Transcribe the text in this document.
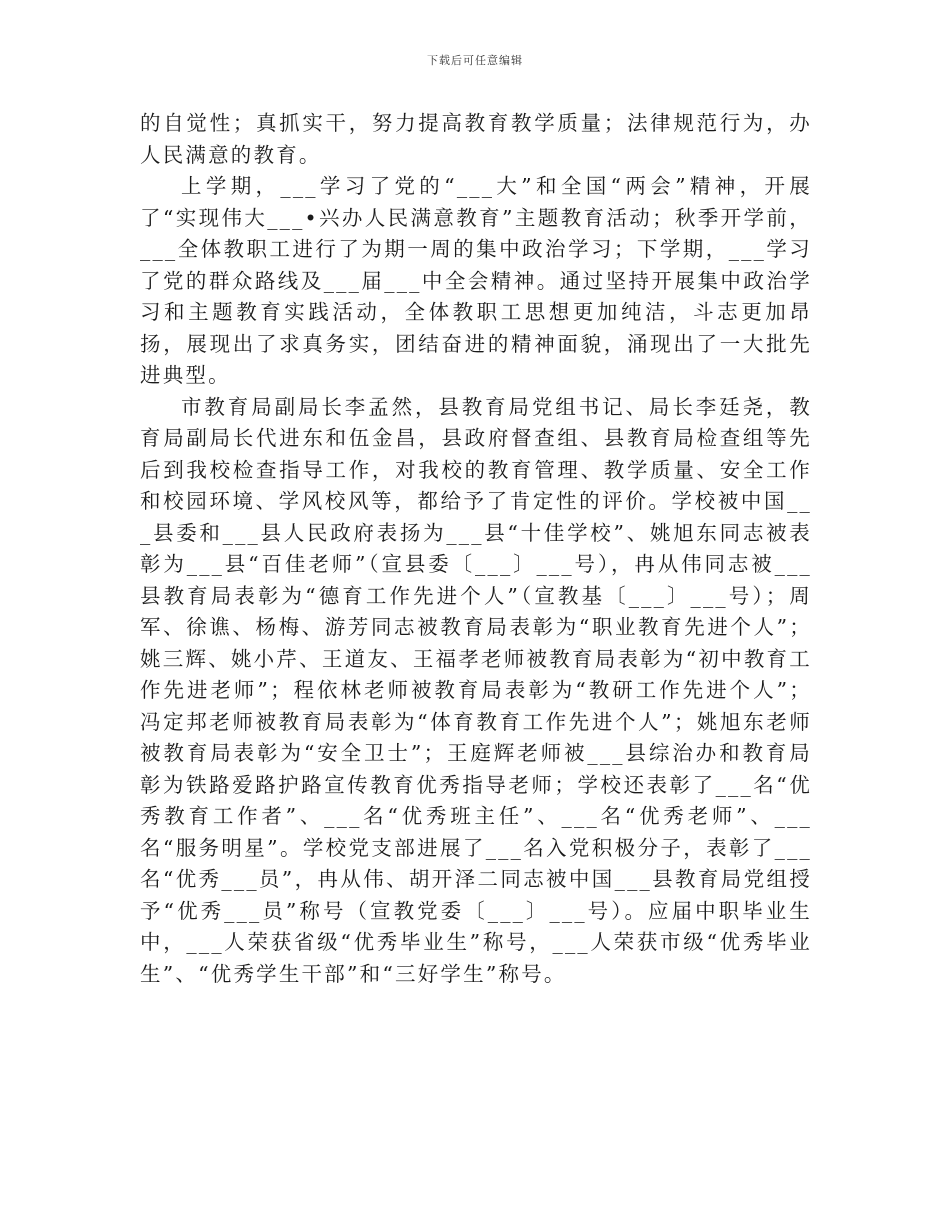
下载后可任意编辑

的自觉性；真抓实干，努力提高教育教学质量；法律规范行为，办人民满意的教育。

上学期，___学习了党的“___大”和全国“两会”精神，开展了“实现伟大___•兴办人民满意教育”主题教育活动；秋季开学前，___全体教职工进行了为期一周的集中政治学习；下学期，___学习了党的群众路线及___届___中全会精神。通过坚持开展集中政治学习和主题教育实践活动，全体教职工思想更加纯洁，斗志更加昂扬，展现出了求真务实，团结奋进的精神面貌，涌现出了一大批先进典型。

市教育局副局长李孟然，县教育局党组书记、局长李廷尧，教育局副局长代进东和伍金昌，县政府督查组、县教育局检查组等先后到我校检查指导工作，对我校的教育管理、教学质量、安全工作和校园环境、学风校风等，都给予了肯定性的评价。学校被中国___县委和___县人民政府表扬为___县“十佳学校”、姚旭东同志被表彰为___县“百佳老师”（宣县委〔___〕___号），冉从伟同志被___县教育局表彰为“德育工作先进个人”（宣教基〔___〕___号）；周军、徐谯、杨梅、游芳同志被教育局表彰为“职业教育先进个人”；姚三辉、姚小芹、王道友、王福孝老师被教育局表彰为“初中教育工作先进老师”；程依林老师被教育局表彰为“教研工作先进个人”；冯定邦老师被教育局表彰为“体育教育工作先进个人”；姚旭东老师被教育局表彰为“安全卫士”；王庭辉老师被___县综治办和教育局彰为铁路爱路护路宣传教育优秀指导老师；学校还表彰了___名“优秀教育工作者”、___名“优秀班主任”、___名“优秀老师”、___名“服务明星”。学校党支部进展了___名入党积极分子，表彰了___名“优秀___员”，冉从伟、胡开泽二同志被中国___县教育局党组授予“优秀___员”称号（宣教党委〔___〕___号）。应届中职毕业生中，___人荣获省级“优秀毕业生”称号，___人荣获市级“优秀毕业生”、“优秀学生干部”和“三好学生”称号。
